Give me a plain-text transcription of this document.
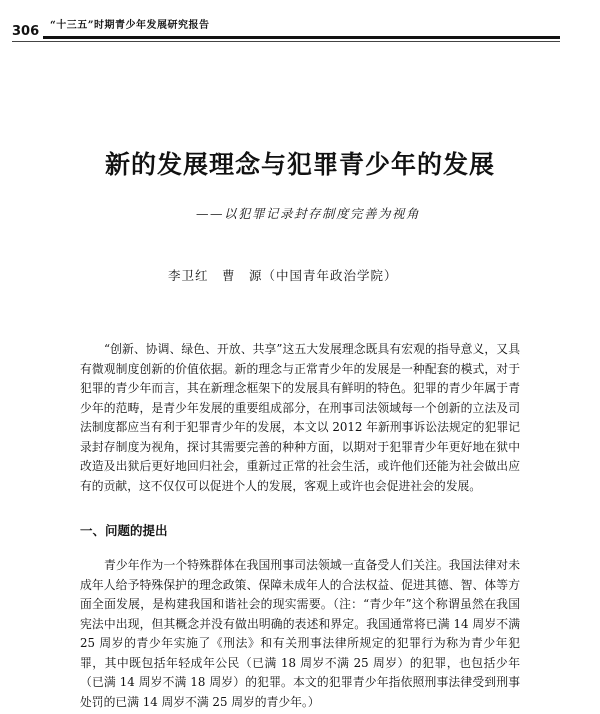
“十三五”时期青少年发展研究报告
306
新的发展理念与犯罪青少年的发展
——以犯罪记录封存制度完善为视角
李卫红　曹　源（中国青年政治学院）
“创新、协调、绿色、开放、共享”这五大发展理念既具有宏观的指导意义，又具有微观制度创新的价值依据。新的理念与正常青少年的发展是一种配套的模式，对于犯罪的青少年而言，其在新理念框架下的发展具有鲜明的特色。犯罪的青少年属于青少年的范畴，是青少年发展的重要组成部分，在刑事司法领域每一个创新的立法及司法制度都应当有利于犯罪青少年的发展，本文以 2012 年新刑事诉讼法规定的犯罪记录封存制度为视角，探讨其需要完善的种种方面，以期对于犯罪青少年更好地在狱中改造及出狱后更好地回归社会，重新过正常的社会生活，或许他们还能为社会做出应有的贡献，这不仅仅可以促进个人的发展，客观上或许也会促进社会的发展。
一、问题的提出
青少年作为一个特殊群体在我国刑事司法领域一直备受人们关注。我国法律对未成年人给予特殊保护的理念政策、保障未成年人的合法权益、促进其德、智、体等方面全面发展，是构建我国和谐社会的现实需要。（注：“青少年”这个称谓虽然在我国宪法中出现，但其概念并没有做出明确的表述和界定。我国通常将已满 14 周岁不满 25 周岁的青少年实施了《刑法》和有关刑事法律所规定的犯罪行为称为青少年犯罪，其中既包括年轻成年公民（已满 18 周岁不满 25 周岁）的犯罪，也包括少年（已满 14 周岁不满 18 周岁）的犯罪。本文的犯罪青少年指依照刑事法律受到刑事处罚的已满 14 周岁不满 25 周岁的青少年。）
